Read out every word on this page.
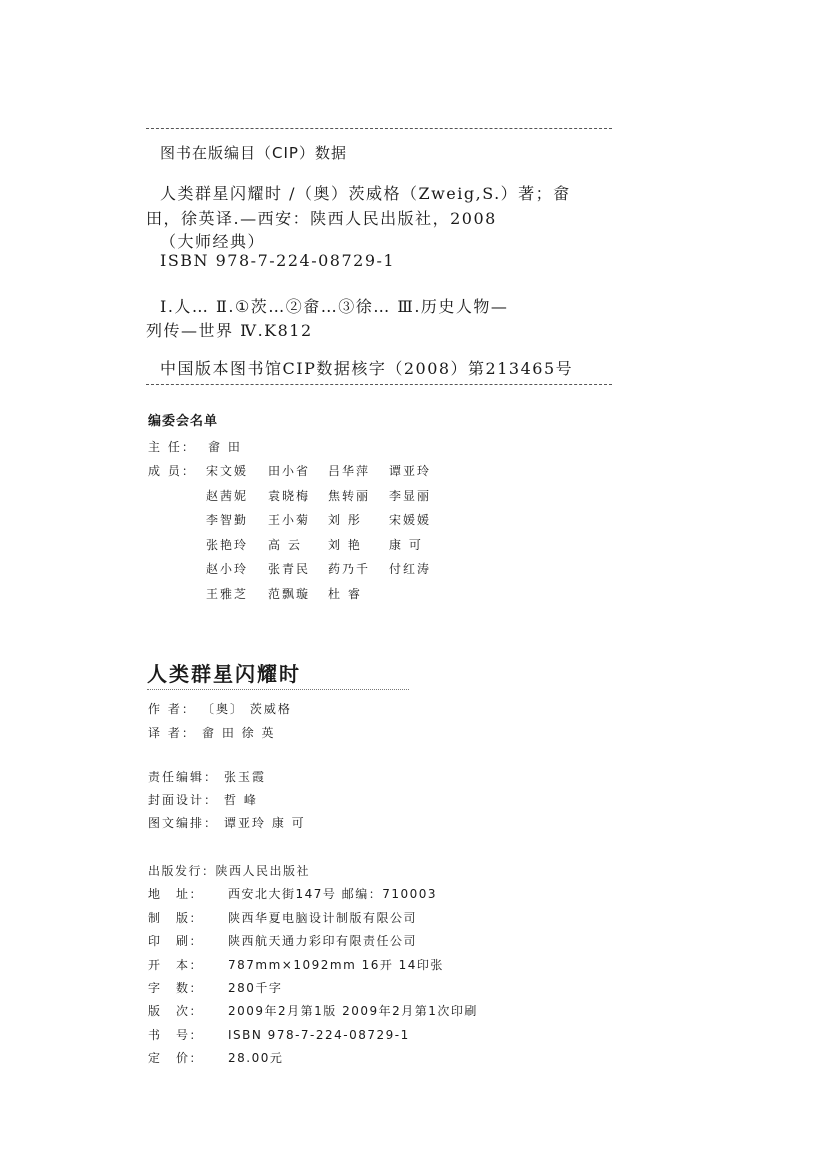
图书在版编目（CIP）数据
人类群星闪耀时 /（奥）茨威格（Zweig,S.）著；畲
田，徐英译.—西安：陕西人民出版社，2008
（大师经典）
ISBN 978-7-224-08729-1
Ⅰ.人… Ⅱ.①茨…②畲…③徐… Ⅲ.历史人物—
列传—世界 Ⅳ.K812
中国版本图书馆CIP数据核字（2008）第213465号
编委会名单
主 任： 畲 田
成 员： 宋文媛	田小省	吕华萍	谭亚玲
赵茜妮	袁晓梅	焦转丽	李显丽
李智勤	王小菊	刘 彤	宋媛媛
张艳玲	高 云	刘 艳	康 可
赵小玲	张青民	药乃千	付红涛
王雅芝	范飘璇	杜 睿
人类群星闪耀时
作 者： 〔奥〕 茨威格
译 者： 畲 田 徐 英
责任编辑： 张玉霞
封面设计： 哲 峰
图文编排： 谭亚玲 康 可
出版发行：陕西人民出版社
地 址： 西安北大街147号 邮编：710003
制 版： 陕西华夏电脑设计制版有限公司
印 刷： 陕西航天通力彩印有限责任公司
开 本： 787mm×1092mm 16开 14印张
字 数： 280千字
版 次： 2009年2月第1版 2009年2月第1次印刷
书 号： ISBN 978-7-224-08729-1
定 价： 28.00元
